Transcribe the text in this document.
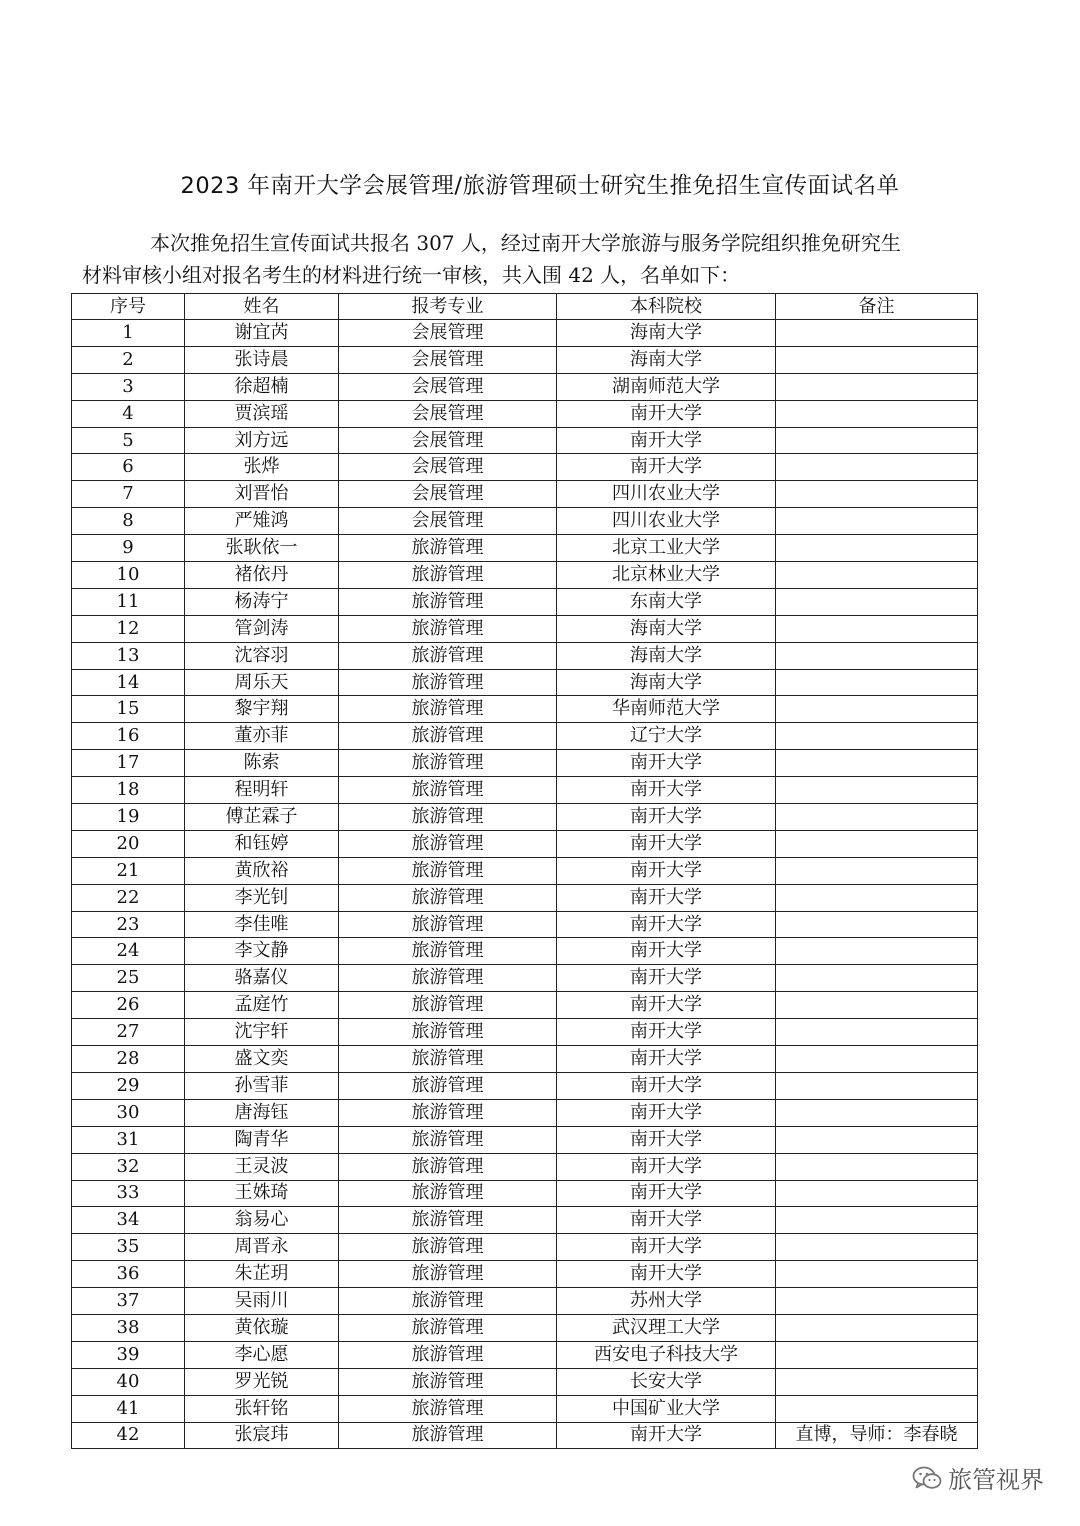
2023 年南开大学会展管理/旅游管理硕士研究生推免招生宣传面试名单

本次推免招生宣传面试共报名 307 人，经过南开大学旅游与服务学院组织推免研究生
材料审核小组对报名考生的材料进行统一审核，共入围 42 人，名单如下：

序号	姓名	报考专业	本科院校	备注
1	谢宜芮	会展管理	海南大学	
2	张诗晨	会展管理	海南大学	
3	徐超楠	会展管理	湖南师范大学	
4	贾滨瑶	会展管理	南开大学	
5	刘方远	会展管理	南开大学	
6	张烨	会展管理	南开大学	
7	刘晋怡	会展管理	四川农业大学	
8	严雉鸿	会展管理	四川农业大学	
9	张耿依一	旅游管理	北京工业大学	
10	褚依丹	旅游管理	北京林业大学	
11	杨涛宁	旅游管理	东南大学	
12	管剑涛	旅游管理	海南大学	
13	沈容羽	旅游管理	海南大学	
14	周乐天	旅游管理	海南大学	
15	黎宇翔	旅游管理	华南师范大学	
16	董亦菲	旅游管理	辽宁大学	
17	陈索	旅游管理	南开大学	
18	程明轩	旅游管理	南开大学	
19	傅芷霖子	旅游管理	南开大学	
20	和钰婷	旅游管理	南开大学	
21	黄欣裕	旅游管理	南开大学	
22	李光钊	旅游管理	南开大学	
23	李佳唯	旅游管理	南开大学	
24	李文静	旅游管理	南开大学	
25	骆嘉仪	旅游管理	南开大学	
26	孟庭竹	旅游管理	南开大学	
27	沈宇轩	旅游管理	南开大学	
28	盛文奕	旅游管理	南开大学	
29	孙雪菲	旅游管理	南开大学	
30	唐海钰	旅游管理	南开大学	
31	陶青华	旅游管理	南开大学	
32	王灵波	旅游管理	南开大学	
33	王姝琦	旅游管理	南开大学	
34	翁易心	旅游管理	南开大学	
35	周晋永	旅游管理	南开大学	
36	朱芷玥	旅游管理	南开大学	
37	吴雨川	旅游管理	苏州大学	
38	黄依璇	旅游管理	武汉理工大学	
39	李心愿	旅游管理	西安电子科技大学	
40	罗光锐	旅游管理	长安大学	
41	张轩铭	旅游管理	中国矿业大学	
42	张宸玮	旅游管理	南开大学	直博，导师：李春晓
旅管视界
